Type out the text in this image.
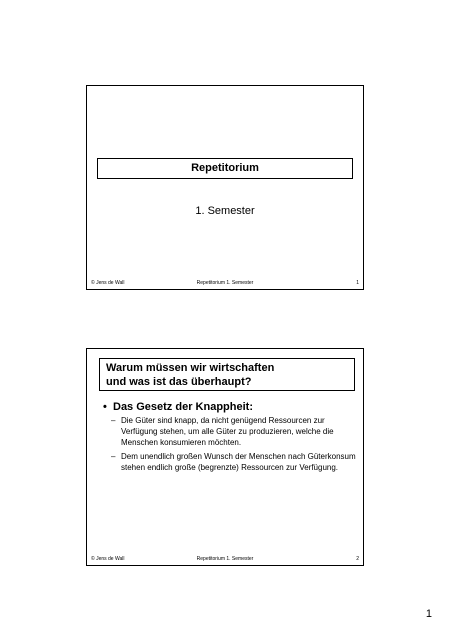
Repetitorium
1. Semester
© Jens de Wall	Repetitorium 1. Semester	1
Warum müssen wir wirtschaften
und was ist das überhaupt?
• Das Gesetz der Knappheit:
– Die Güter sind knapp, da nicht genügend Ressourcen zur Verfügung stehen, um alle Güter zu produzieren, welche die Menschen konsumieren möchten.
– Dem unendlich großen Wunsch der Menschen nach Güterkonsum stehen endlich große (begrenzte) Ressourcen zur Verfügung.
© Jens de Wall	Repetitorium 1. Semester	2
1
